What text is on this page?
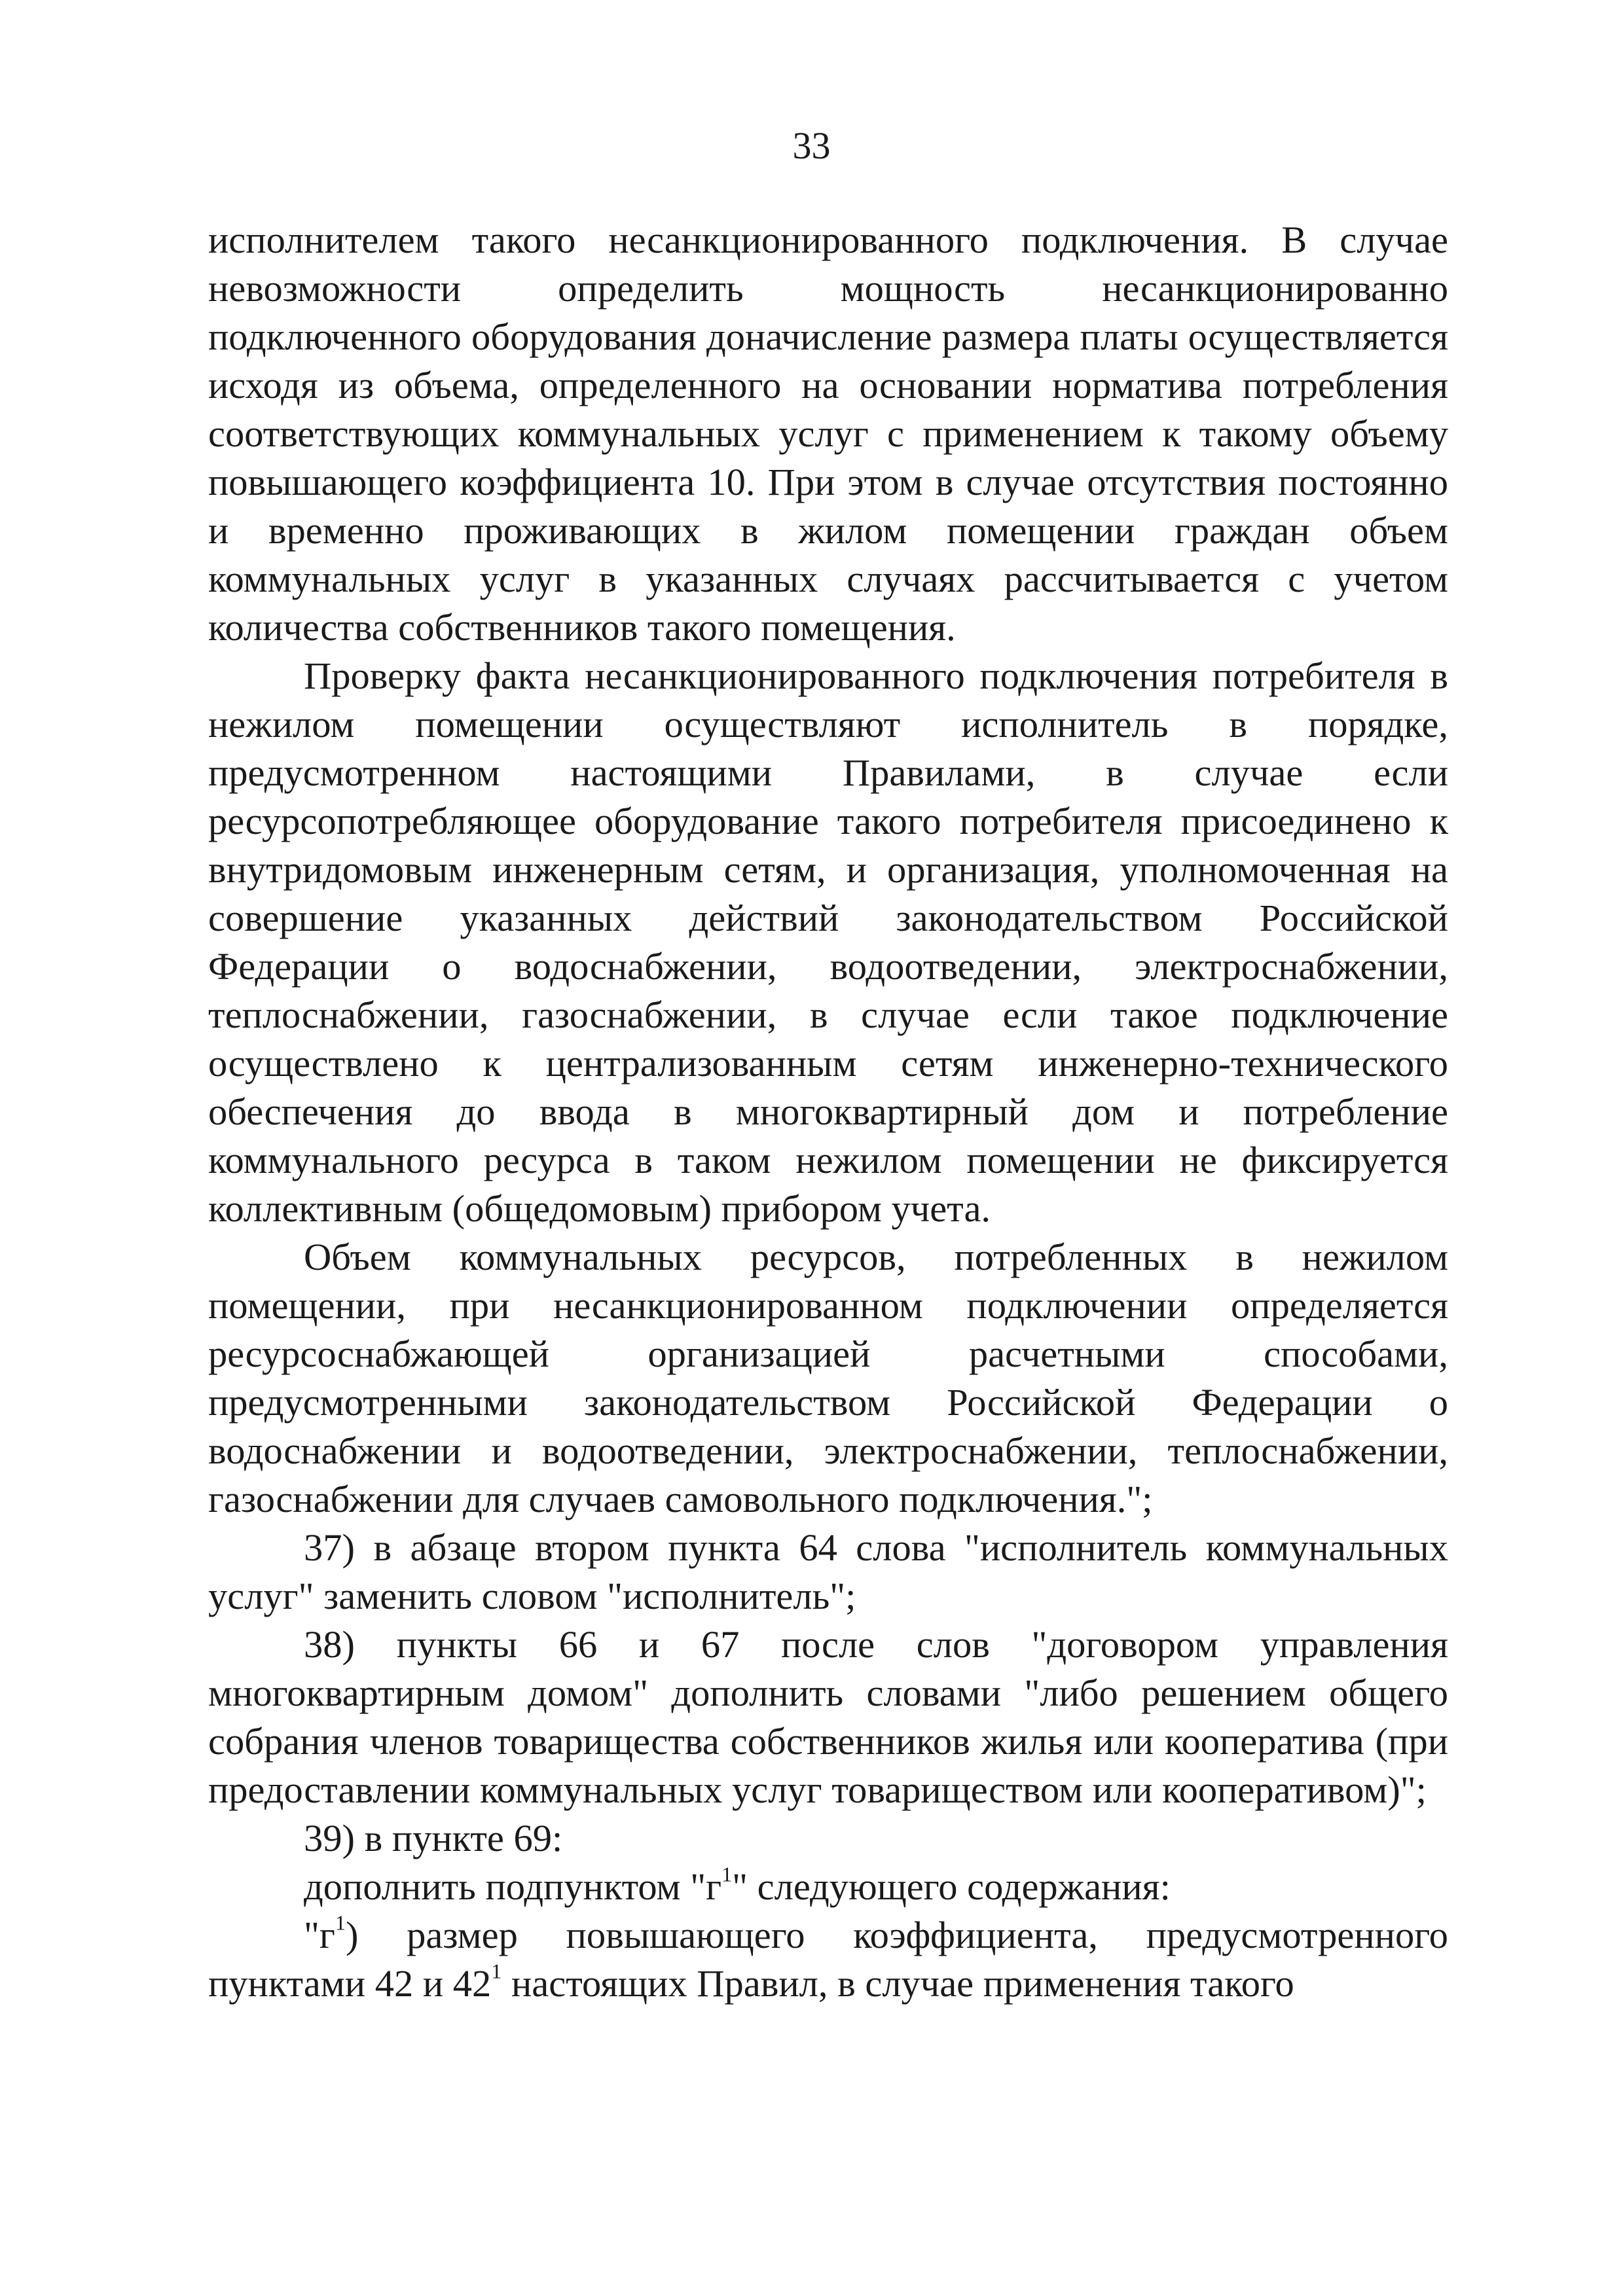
33

исполнителем такого несанкционированного подключения. В случае невозможности определить мощность несанкционированно подключенного оборудования доначисление размера платы осуществляется исходя из объема, определенного на основании норматива потребления соответствующих коммунальных услуг с применением к такому объему повышающего коэффициента 10. При этом в случае отсутствия постоянно и временно проживающих в жилом помещении граждан объем коммунальных услуг в указанных случаях рассчитывается с учетом количества собственников такого помещения.

Проверку факта несанкционированного подключения потребителя в нежилом помещении осуществляют исполнитель в порядке, предусмотренном настоящими Правилами, в случае если ресурсопотребляющее оборудование такого потребителя присоединено к внутридомовым инженерным сетям, и организация, уполномоченная на совершение указанных действий законодательством Российской Федерации о водоснабжении, водоотведении, электроснабжении, теплоснабжении, газоснабжении, в случае если такое подключение осуществлено к централизованным сетям инженерно-технического обеспечения до ввода в многоквартирный дом и потребление коммунального ресурса в таком нежилом помещении не фиксируется коллективным (общедомовым) прибором учета.

Объем коммунальных ресурсов, потребленных в нежилом помещении, при несанкционированном подключении определяется ресурсоснабжающей организацией расчетными способами, предусмотренными законодательством Российской Федерации о водоснабжении и водоотведении, электроснабжении, теплоснабжении, газоснабжении для случаев самовольного подключения.";

37) в абзаце втором пункта 64 слова "исполнитель коммунальных услуг" заменить словом "исполнитель";

38) пункты 66 и 67 после слов "договором управления многоквартирным домом" дополнить словами "либо решением общего собрания членов товарищества собственников жилья или кооператива (при предоставлении коммунальных услуг товариществом или кооперативом)";

39) в пункте 69:

дополнить подпунктом "$г^1$" следующего содержания:

"$г^1$) размер повышающего коэффициента, предусмотренного пунктами 42 и $42^1$ настоящих Правил, в случае применения такого
